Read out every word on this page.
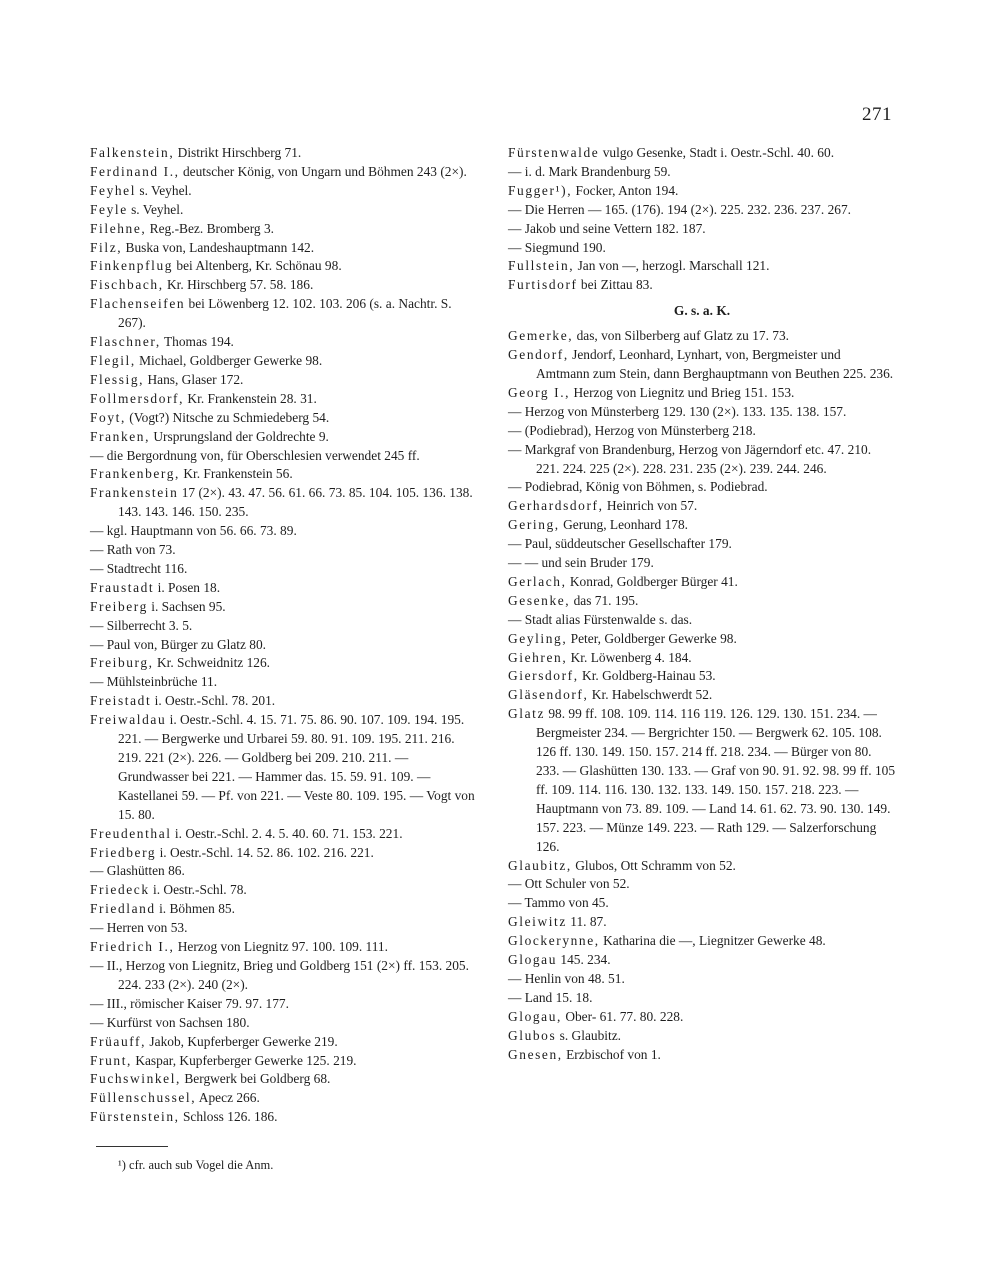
271
Falkenstein, Distrikt Hirschberg 71.
Ferdinand I., deutscher König, von Ungarn und Böhmen 243 (2×).
Feyhel s. Veyhel.
Feyle s. Veyhel.
Filehne, Reg.-Bez. Bromberg 3.
Filz, Buska von, Landeshauptmann 142.
Finkenpflug bei Altenberg, Kr. Schönau 98.
Fischbach, Kr. Hirschberg 57. 58. 186.
Flachenseifen bei Löwenberg 12. 102. 103. 206 (s. a. Nachtr. S. 267).
Flaschner, Thomas 194.
Flegil, Michael, Goldberger Gewerke 98.
Flessig, Hans, Glaser 172.
Follmersdorf, Kr. Frankenstein 28. 31.
Foyt, (Vogt?) Nitsche zu Schmiedeberg 54.
Franken, Ursprungsland der Goldrechte 9.
— die Bergordnung von, für Oberschlesien verwendet 245 ff.
Frankenberg, Kr. Frankenstein 56.
Frankenstein 17 (2×). 43. 47. 56. 61. 66. 73. 85. 104. 105. 136. 138. 143. 143. 146. 150. 235.
— kgl. Hauptmann von 56. 66. 73. 89.
— Rath von 73.
— Stadtrecht 116.
Fraustadt i. Posen 18.
Freiberg i. Sachsen 95.
— Silberrecht 3. 5.
— Paul von, Bürger zu Glatz 80.
Freiburg, Kr. Schweidnitz 126.
— Mühlsteinbrüche 11.
Freistadt i. Oestr.-Schl. 78. 201.
Freiwaldau i. Oestr.-Schl. 4. 15. 71. 75. 86. 90. 107. 109. 194. 195. 221. — Bergwerke und Urbarei 59. 80. 91. 109. 195. 211. 216. 219. 221 (2×). 226. — Goldberg bei 209. 210. 211. — Grundwasser bei 221. — Hammer das. 15. 59. 91. 109. — Kastellanei 59. — Pf. von 221. — Veste 80. 109. 195. — Vogt von 15. 80.
Freudenthal i. Oestr.-Schl. 2. 4. 5. 40. 60. 71. 153. 221.
Friedberg i. Oestr.-Schl. 14. 52. 86. 102. 216. 221.
— Glashütten 86.
Friedeck i. Oestr.-Schl. 78.
Friedland i. Böhmen 85.
— Herren von 53.
Friedrich I., Herzog von Liegnitz 97. 100. 109. 111.
— II., Herzog von Liegnitz, Brieg und Goldberg 151 (2×) ff. 153. 205. 224. 233 (2×). 240 (2×).
— III., römischer Kaiser 79. 97. 177.
— Kurfürst von Sachsen 180.
Früauff, Jakob, Kupferberger Gewerke 219.
Frunt, Kaspar, Kupferberger Gewerke 125. 219.
Fuchswinkel, Bergwerk bei Goldberg 68.
Füllenschussel, Apecz 266.
Fürstenstein, Schloss 126. 186.
Fürstenwalde vulgo Gesenke, Stadt i. Oestr.-Schl. 40. 60.
— i. d. Mark Brandenburg 59.
Fugger¹), Focker, Anton 194.
— Die Herren — 165. (176). 194 (2×). 225. 232. 236. 237. 267.
— Jakob und seine Vettern 182. 187.
— Siegmund 190.
Fullstein, Jan von —, herzogl. Marschall 121.
Furtisdorf bei Zittau 83.
G. s. a. K.
Gemerke, das, von Silberberg auf Glatz zu 17. 73.
Gendorf, Jendorf, Leonhard, Lynhart, von, Bergmeister und Amtmann zum Stein, dann Berghauptmann von Beuthen 225. 236.
Georg I., Herzog von Liegnitz und Brieg 151. 153.
— Herzog von Münsterberg 129. 130 (2×). 133. 135. 138. 157.
— (Podiebrad), Herzog von Münsterberg 218.
— Markgraf von Brandenburg, Herzog von Jägerndorf etc. 47. 210. 221. 224. 225 (2×). 228. 231. 235 (2×). 239. 244. 246.
— Podiebrad, König von Böhmen, s. Podiebrad.
Gerhardsdorf, Heinrich von 57.
Gering, Gerung, Leonhard 178.
— Paul, süddeutscher Gesellschafter 179.
— — und sein Bruder 179.
Gerlach, Konrad, Goldberger Bürger 41.
Gesenke, das 71. 195.
— Stadt alias Fürstenwalde s. das.
Geyling, Peter, Goldberger Gewerke 98.
Giehren, Kr. Löwenberg 4. 184.
Giersdorf, Kr. Goldberg-Hainau 53.
Gläsendorf, Kr. Habelschwerdt 52.
Glatz 98. 99 ff. 108. 109. 114. 116 119. 126. 129. 130. 151. 234. — Bergmeister 234. — Bergrichter 150. — Bergwerk 62. 105. 108. 126 ff. 130. 149. 150. 157. 214 ff. 218. 234. — Bürger von 80. 233. — Glashütten 130. 133. — Graf von 90. 91. 92. 98. 99 ff. 105 ff. 109. 114. 116. 130. 132. 133. 149. 150. 157. 218. 223. — Hauptmann von 73. 89. 109. — Land 14. 61. 62. 73. 90. 130. 149. 157. 223. — Münze 149. 223. — Rath 129. — Salzerforschung 126.
Glaubitz, Glubos, Ott Schramm von 52.
— Ott Schuler von 52.
— Tammo von 45.
Gleiwitz 11. 87.
Glockerynne, Katharina die —, Liegnitzer Gewerke 48.
Glogau 145. 234.
— Henlin von 48. 51.
— Land 15. 18.
Glogau, Ober- 61. 77. 80. 228.
Glubos s. Glaubitz.
Gnesen, Erzbischof von 1.
¹) cfr. auch sub Vogel die Anm.
